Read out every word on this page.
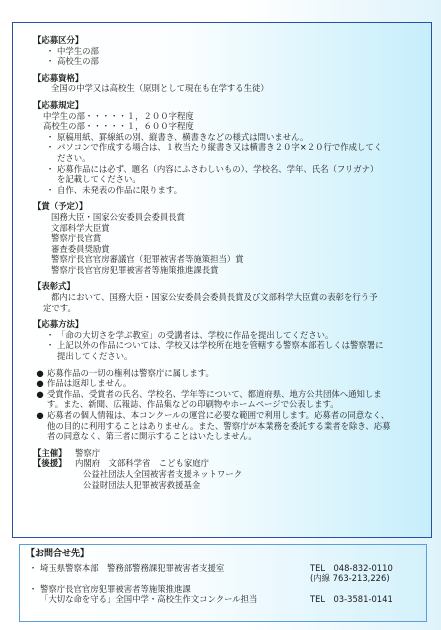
【応募区分】
・ 中学生の部
・ 高校生の部
【応募資格】
全国の中学又は高校生（原則として現在も在学する生徒）
【応募規定】
中学生の部・・・・・１，２００字程度
高校生の部・・・・・１，６００字程度
・ 原稿用紙、罫線紙の別、縦書き、横書きなどの様式は問いません。
・ パソコンで作成する場合は、１枚当たり縦書き又は横書き２０字×２０行で作成してく
ださい。
・ 応募作品には必ず、題名（内容にふさわしいもの）、学校名、学年、氏名（フリガナ）
を記載してください。
・ 自作、未発表の作品に限ります。
【賞（予定）】
国務大臣・国家公安委員会委員長賞
文部科学大臣賞
警察庁長官賞
審査委員奨励賞
警察庁長官官房審議官（犯罪被害者等施策担当）賞
警察庁長官官房犯罪被害者等施策推進課長賞
【表彰式】
都内において、国務大臣・国家公安委員会委員長賞及び文部科学大臣賞の表彰を行う予
定です。
【応募方法】
・ 「命の大切さを学ぶ教室」の受講者は、学校に作品を提出してください。
・ 上記以外の作品については、学校又は学校所在地を管轄する警察本部若しくは警察署に
提出してください。
● 応募作品の一切の権利は警察庁に属します。
● 作品は返却しません。
● 受賞作品、受賞者の氏名、学校名、学年等について、都道府県、地方公共団体へ通知しま
す。また、新聞、広報誌、作品集などの印刷物やホームページで公表します。
● 応募者の個人情報は、本コンクールの運営に必要な範囲で利用します。応募者の同意なく、
他の目的に利用することはありません。また、警察庁が本業務を委託する業者を除き、応募
者の同意なく、第三者に開示することはいたしません。
【主催】	警察庁
【後援】	内閣府　文部科学省　こども家庭庁
公益社団法人全国被害者支援ネットワーク
公益財団法人犯罪被害救援基金
【お問合せ先】
・ 埼玉県警察本部　警務部警務課犯罪被害者支援室	TEL　048-832-0110
(内線 763-213,226)
・ 警察庁長官官房犯罪被害者等施策推進課
「大切な命を守る」全国中学・高校生作文コンクール担当	TEL　03-3581-0141
